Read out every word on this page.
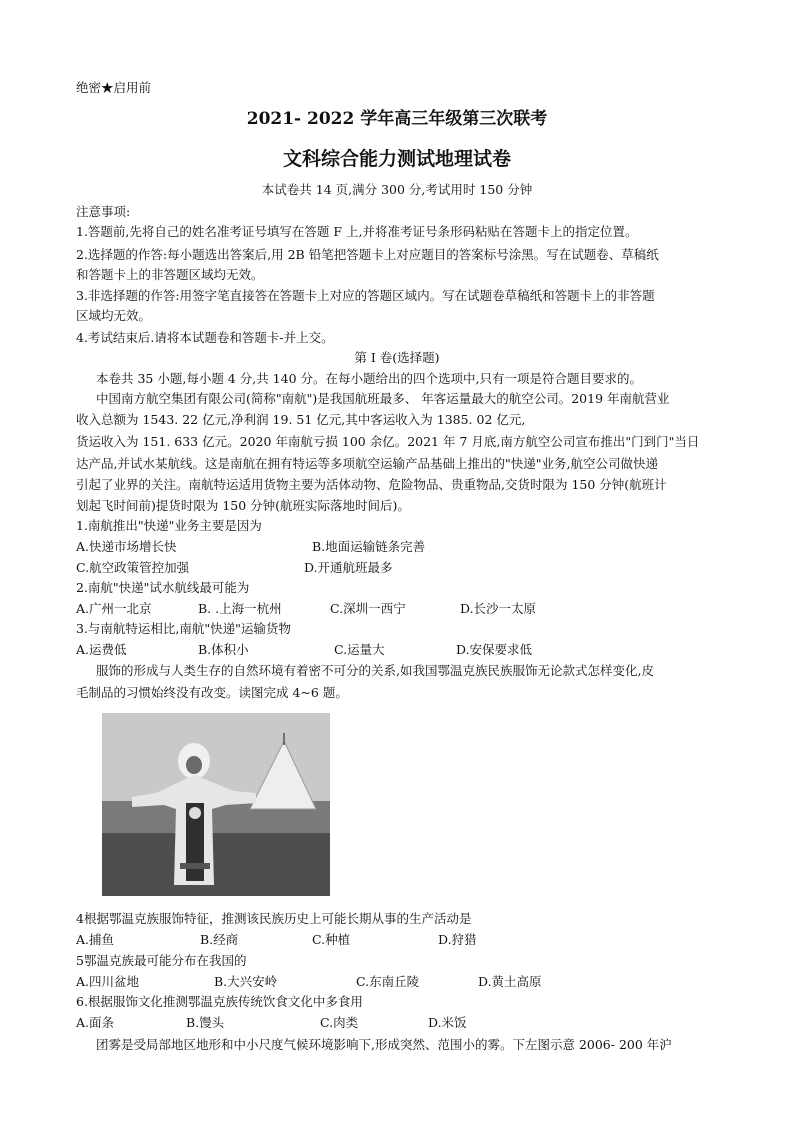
绝密★启用前
2021- 2022 学年高三年级第三次联考
文科综合能力测试地理试卷
本试卷共 14 页,满分 300 分,考试用时 150 分钟
注意事项:
1.答题前,先将自己的姓名准考证号填写在答题 F 上,并将准考证号条形码粘贴在答题卡上的指定位置。
2.选择题的作答:每小题选出答案后,用 2B 铅笔把答题卡上对应题目的答案标号涂黑。写在试题卷、草稿纸
和答题卡上的非答题区域均无效。
3.非选择题的作答:用签字笔直接答在答题卡上对应的答题区域内。写在试题卷草稿纸和答题卡上的非答题
区域均无效。
4.考试结束后.请将本试题卷和答题卡-并上交。
第 I 卷(选择题)
本卷共 35 小题,每小题 4 分,共 140 分。在每小题给出的四个选项中,只有一项是符合题目要求的。
中国南方航空集团有限公司(简称"南航")是我国航班最多、 年客运量最大的航空公司。2019 年南航营业
收入总额为 1543. 22 亿元,净利润 19. 51 亿元,其中客运收入为 1385. 02 亿元,
货运收入为 151. 633 亿元。2020 年南航亏损 100 余亿。2021 年 7 月底,南方航空公司宣布推出"门到门"当日
达产品,并试水某航线。这是南航在拥有特运等多项航空运输产品基础上推出的"快递"业务,航空公司做快递
引起了业界的关注。南航特运适用货物主要为活体动物、危险物品、贵重物品,交货时限为 150 分钟(航班计
划起飞时间前)提货时限为 150 分钟(航班实际落地时间后)。
1.南航推出"快递"业务主要是因为
A.快递市场增长快	B.地面运输链条完善
C.航空政策管控加强	D.开通航班最多
2.南航"快递"试水航线最可能为
A.广州一北京	B. .上海一杭州	C.深圳一西宁	D.长沙一太原
3.与南航特运相比,南航"快递"运输货物
A.运费低	B.体积小	C.运量大	D.安保要求低
服饰的形成与人类生存的自然环境有着密不可分的关系,如我国鄂温克族民族服饰无论款式怎样变化,皮
毛制品的习惯始终没有改变。读图完成 4~6 题。
4根据鄂温克族服饰特征，推测该民族历史上可能长期从事的生产活动是
A.捕鱼	B.经商	C.种植	D.狩猎
5鄂温克族最可能分布在我国的
A.四川盆地	B.大兴安岭	C.东南丘陵	D.黄土高原
6.根据服饰文化推测鄂温克族传统饮食文化中多食用
A.面条	B.馒头	C.肉类	D.米饭
团雾是受局部地区地形和中小尺度气候环境影响下,形成突然、范围小的雾。下左图示意 2006- 200 年沪
